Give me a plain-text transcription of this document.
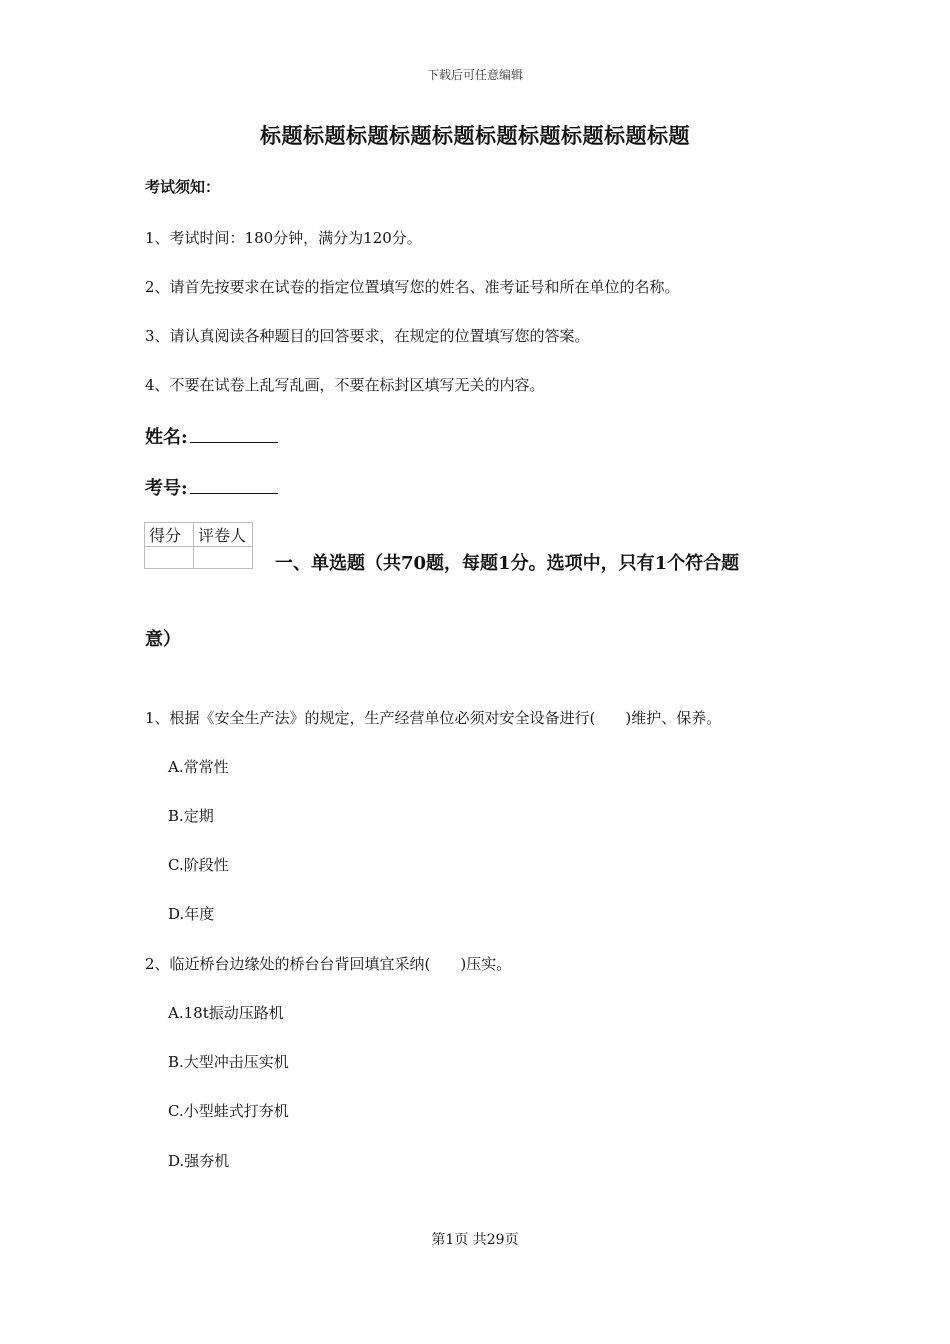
下载后可任意编辑
标题标题标题标题标题标题标题标题标题标题
考试须知：
1、考试时间：180分钟，满分为120分。
2、请首先按要求在试卷的指定位置填写您的姓名、准考证号和所在单位的名称。
3、请认真阅读各种题目的回答要求，在规定的位置填写您的答案。
4、不要在试卷上乱写乱画，不要在标封区填写无关的内容。
姓名:
考号:
得分	评卷人

一、单选题（共70题，每题1分。选项中，只有1个符合题
意）
1、根据《安全生产法》的规定，生产经营单位必须对安全设备进行(　　)维护、保养。
A.常常性
B.定期
C.阶段性
D.年度
2、临近桥台边缘处的桥台台背回填宜采纳(　　)压实。
A.18t振动压路机
B.大型冲击压实机
C.小型蛙式打夯机
D.强夯机
第1页 共29页
